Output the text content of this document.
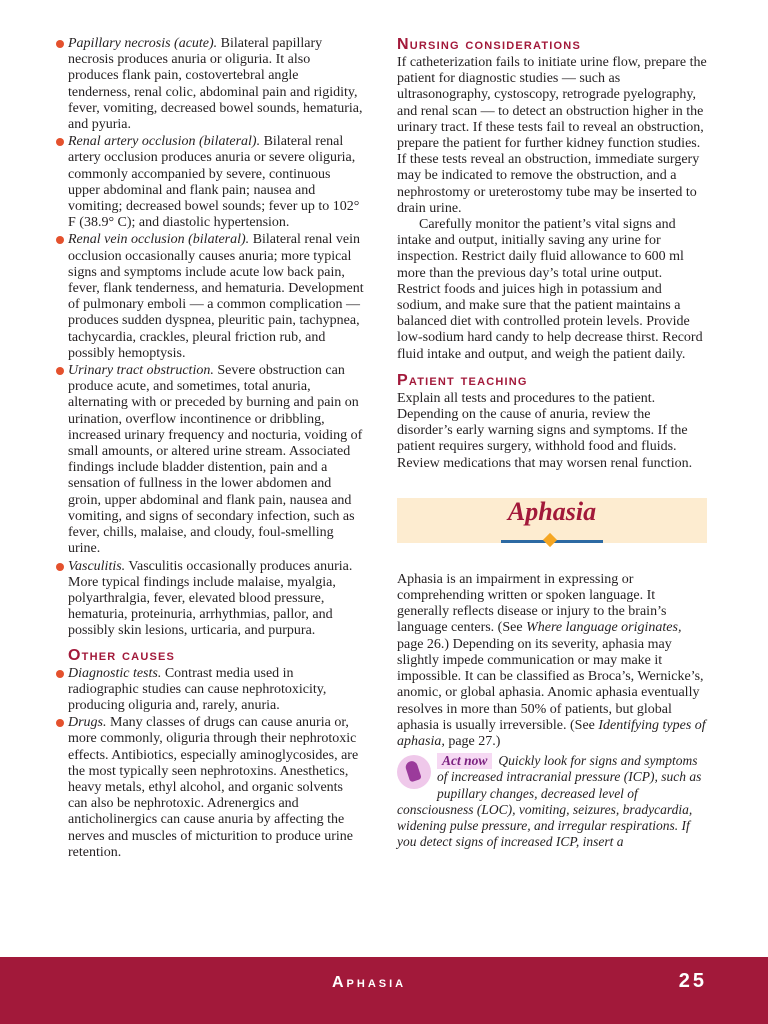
Papillary necrosis (acute). Bilateral papillary necrosis produces anuria or oliguria. It also produces flank pain, costovertebral angle tenderness, renal colic, abdominal pain and rigidity, fever, vomiting, decreased bowel sounds, hematuria, and pyuria.
Renal artery occlusion (bilateral). Bilateral renal artery occlusion produces anuria or severe oliguria, commonly accompanied by severe, continuous upper abdominal and flank pain; nausea and vomiting; decreased bowel sounds; fever up to 102° F (38.9° C); and diastolic hypertension.
Renal vein occlusion (bilateral). Bilateral renal vein occlusion occasionally causes anuria; more typical signs and symptoms include acute low back pain, fever, flank tenderness, and hematuria. Development of pulmonary emboli — a common complication — produces sudden dyspnea, pleuritic pain, tachypnea, tachycardia, crackles, pleural friction rub, and possibly hemoptysis.
Urinary tract obstruction. Severe obstruction can produce acute, and sometimes, total anuria, alternating with or preceded by burning and pain on urination, overflow incontinence or dribbling, increased urinary frequency and nocturia, voiding of small amounts, or altered urine stream. Associated findings include bladder distention, pain and a sensation of fullness in the lower abdomen and groin, upper abdominal and flank pain, nausea and vomiting, and signs of secondary infection, such as fever, chills, malaise, and cloudy, foul-smelling urine.
Vasculitis. Vasculitis occasionally produces anuria. More typical findings include malaise, myalgia, polyarthralgia, fever, elevated blood pressure, hematuria, proteinuria, arrhythmias, pallor, and possibly skin lesions, urticaria, and purpura.
Other causes
Diagnostic tests. Contrast media used in radiographic studies can cause nephrotoxicity, producing oliguria and, rarely, anuria.
Drugs. Many classes of drugs can cause anuria or, more commonly, oliguria through their nephrotoxic effects. Antibiotics, especially aminoglycosides, are the most typically seen nephrotoxins. Anesthetics, heavy metals, ethyl alcohol, and organic solvents can also be nephrotoxic. Adrenergics and anticholinergics can cause anuria by affecting the nerves and muscles of micturition to produce urine retention.
Nursing considerations

If catheterization fails to initiate urine flow, prepare the patient for diagnostic studies — such as ultrasonography, cystoscopy, retrograde pyelography, and renal scan — to detect an obstruction higher in the urinary tract. If these tests fail to reveal an obstruction, prepare the patient for further kidney function studies. If these tests reveal an obstruction, immediate surgery may be indicated to remove the obstruction, and a nephrostomy or ureterostomy tube may be inserted to drain urine.

Carefully monitor the patient’s vital signs and intake and output, initially saving any urine for inspection. Restrict daily fluid allowance to 600 ml more than the previous day’s total urine output. Restrict foods and juices high in potassium and sodium, and make sure that the patient maintains a balanced diet with controlled protein levels. Provide low-sodium hard candy to help decrease thirst. Record fluid intake and output, and weigh the patient daily.

Patient teaching

Explain all tests and procedures to the patient. Depending on the cause of anuria, review the disorder’s early warning signs and symptoms. If the patient requires surgery, withhold food and fluids. Review medications that may worsen renal function.

Aphasia

Aphasia is an impairment in expressing or comprehending written or spoken language. It generally reflects disease or injury to the brain’s language centers. (See Where language originates, page 26.) Depending on its severity, aphasia may slightly impede communication or may make it impossible. It can be classified as Broca’s, Wernicke’s, anomic, or global aphasia. Anomic aphasia eventually resolves in more than 50% of patients, but global aphasia is usually irreversible. (See Identifying types of aphasia, page 27.)

Act now Quickly look for signs and symptoms of increased intracranial pressure (ICP), such as pupillary changes, decreased level of consciousness (LOC), vomiting, seizures, bradycardia, widening pulse pressure, and irregular respirations. If you detect signs of increased ICP, insert a
Aphasia	25
